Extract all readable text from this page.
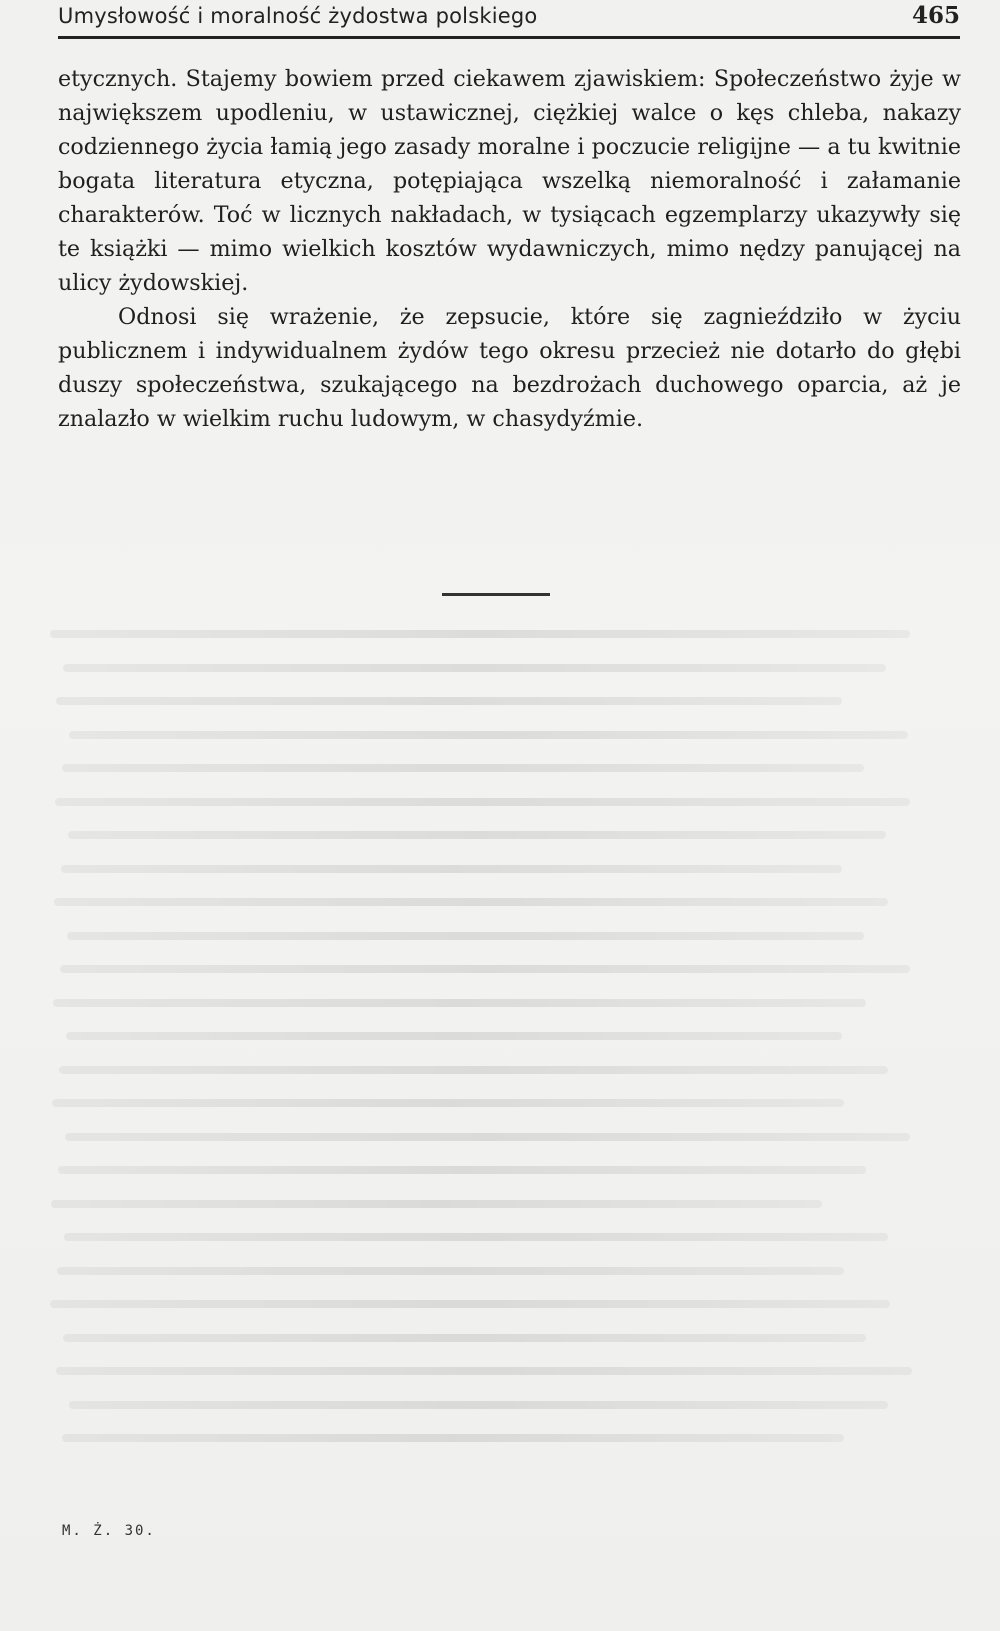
Umysłowość i moralność żydostwa polskiego	465

etycznych. Stajemy bowiem przed ciekawem zjawiskiem: Społeczeństwo żyje w największem upodleniu, w ustawicznej, ciężkiej walce o kęs chleba, nakazy codziennego życia łamią jego zasady moralne i poczucie religijne — a tu kwitnie bogata literatura etyczna, potępiająca wszelką niemoralność i załamanie charakterów. Toć w licznych nakładach, w tysiącach egzemplarzy ukazywły się te książki — mimo wielkich kosztów wydawniczych, mimo nędzy panującej na ulicy żydowskiej.

Odnosi się wrażenie, że zepsucie, które się zagnieździło w życiu publicznem i indywidualnem żydów tego okresu przecież nie dotarło do głębi duszy społeczeństwa, szukającego na bezdrożach duchowego oparcia, aż je znalazło w wielkim ruchu ludowym, w chasydyźmie.

M. Ż. 30.
